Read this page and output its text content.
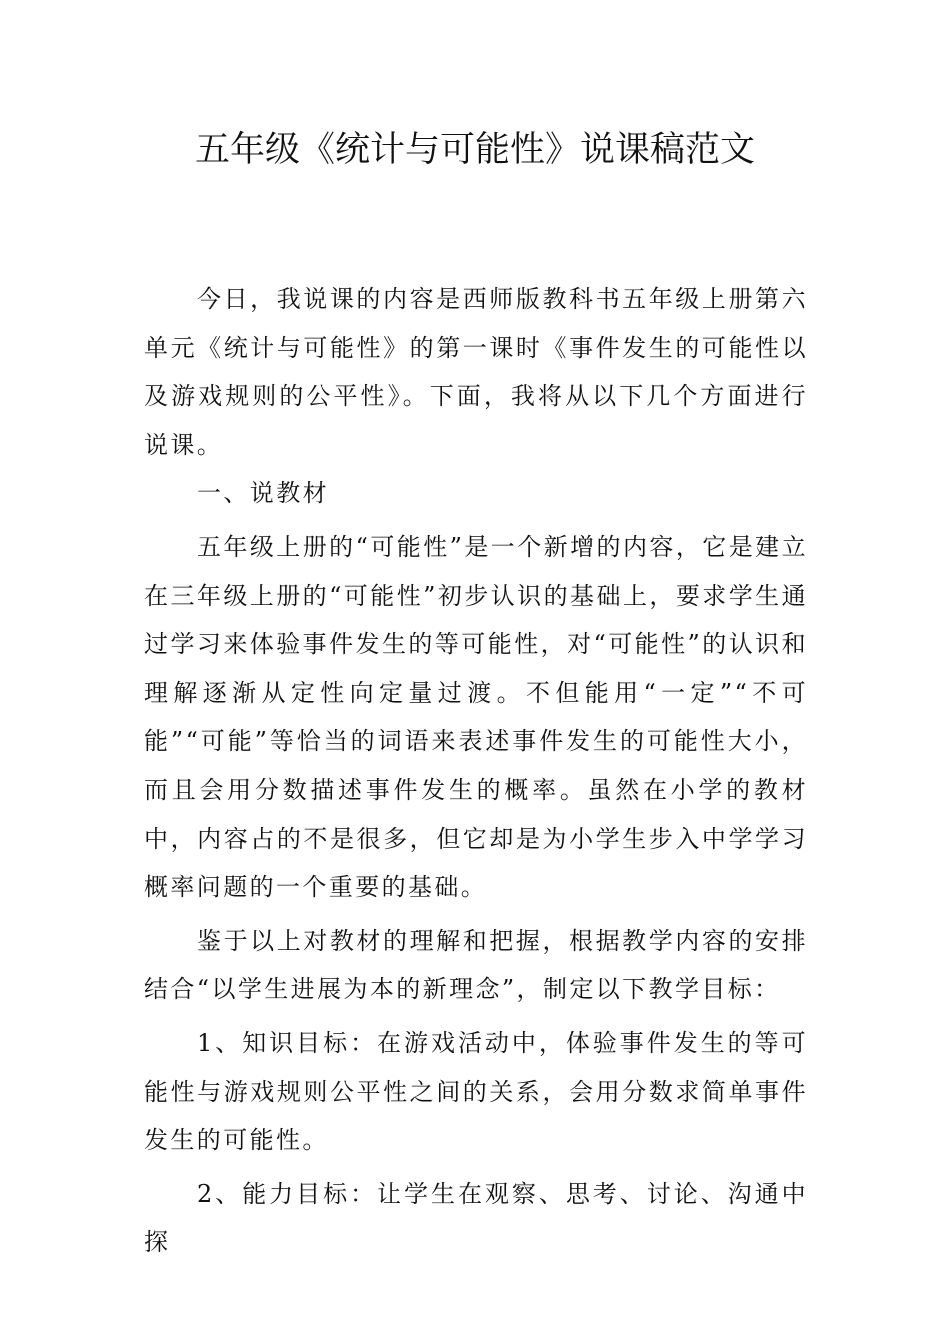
五年级《统计与可能性》说课稿范文

今日，我说课的内容是西师版教科书五年级上册第六单元《统计与可能性》的第一课时《事件发生的可能性以及游戏规则的公平性》。下面，我将从以下几个方面进行说课。

一、说教材

五年级上册的“可能性”是一个新增的内容，它是建立在三年级上册的“可能性”初步认识的基础上，要求学生通过学习来体验事件发生的等可能性，对“可能性”的认识和理解逐渐从定性向定量过渡。不但能用“一定”“不可能”“可能”等恰当的词语来表述事件发生的可能性大小，而且会用分数描述事件发生的概率。虽然在小学的教材中，内容占的不是很多，但它却是为小学生步入中学学习概率问题的一个重要的基础。

鉴于以上对教材的理解和把握，根据教学内容的安排结合“以学生进展为本的新理念”，制定以下教学目标：

1、知识目标：在游戏活动中，体验事件发生的等可能性与游戏规则公平性之间的关系，会用分数求简单事件发生的可能性。

2、能力目标：让学生在观察、思考、讨论、沟通中探
